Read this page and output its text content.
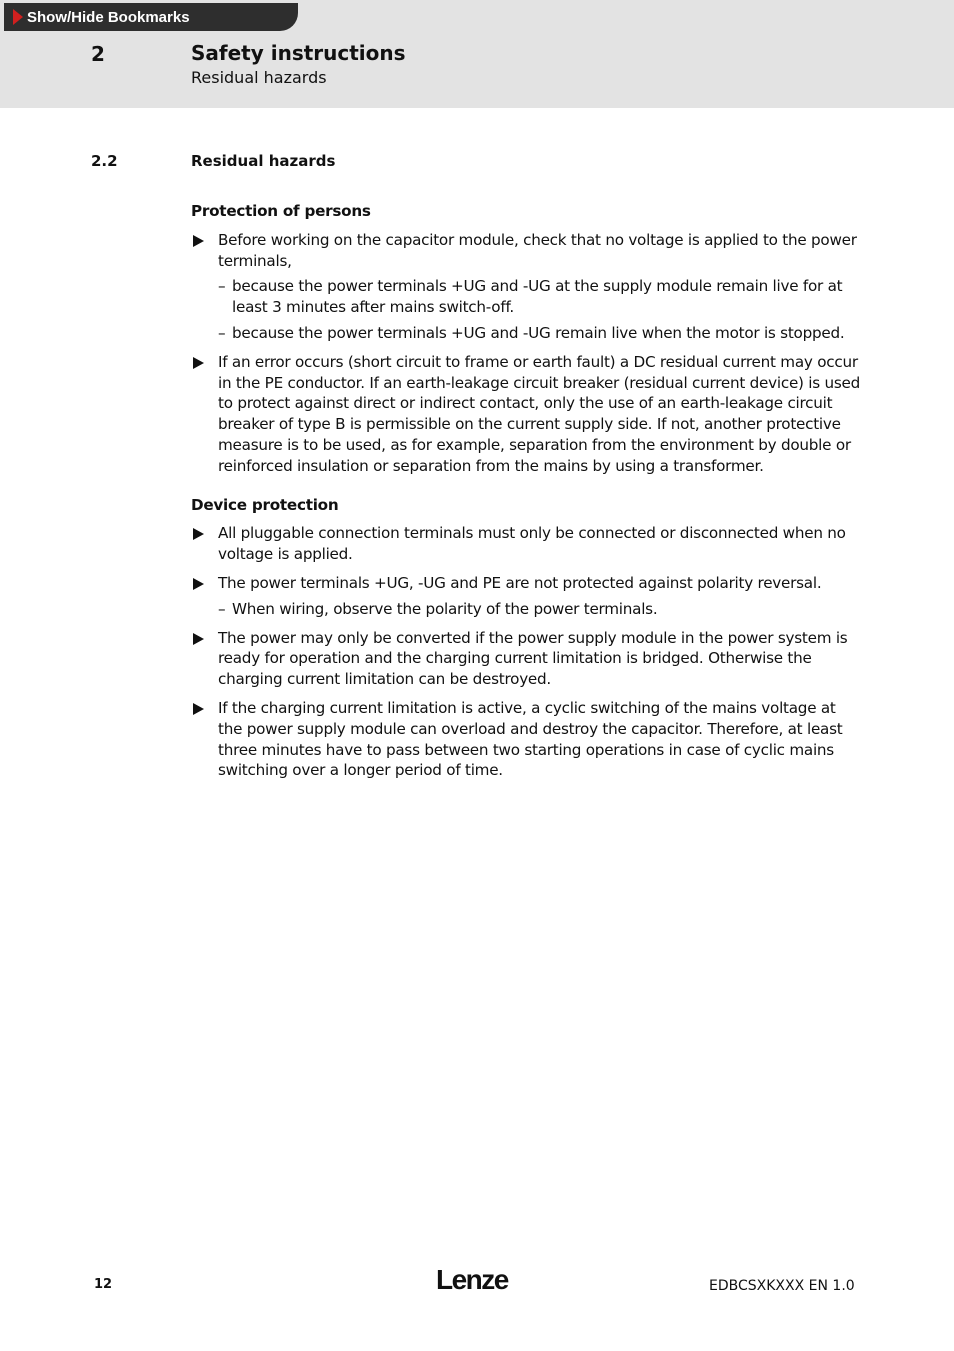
Show/Hide Bookmarks
2	Safety instructions
Residual hazards
2.2	Residual hazards
Protection of persons
Before working on the capacitor module, check that no voltage is applied to the power terminals,
– because the power terminals +UG and -UG at the supply module remain live for at least 3 minutes after mains switch-off.
– because the power terminals +UG and -UG remain live when the motor is stopped.
If an error occurs (short circuit to frame or earth fault) a DC residual current may occur in the PE conductor. If an earth-leakage circuit breaker (residual current device) is used to protect against direct or indirect contact, only the use of an earth-leakage circuit breaker of type B is permissible on the current supply side. If not, another protective measure is to be used, as for example, separation from the environment by double or reinforced insulation or separation from the mains by using a transformer.
Device protection
All pluggable connection terminals must only be connected or disconnected when no voltage is applied.
The power terminals +UG, -UG and PE are not protected against polarity reversal.
– When wiring, observe the polarity of the power terminals.
The power may only be converted if the power supply module in the power system is ready for operation and the charging current limitation is bridged. Otherwise the charging current limitation can be destroyed.
If the charging current limitation is active, a cyclic switching of the mains voltage at the power supply module can overload and destroy the capacitor. Therefore, at least three minutes have to pass between two starting operations in case of cyclic mains switching over a longer period of time.
12	Lenze	EDBCSXKXXX EN 1.0
